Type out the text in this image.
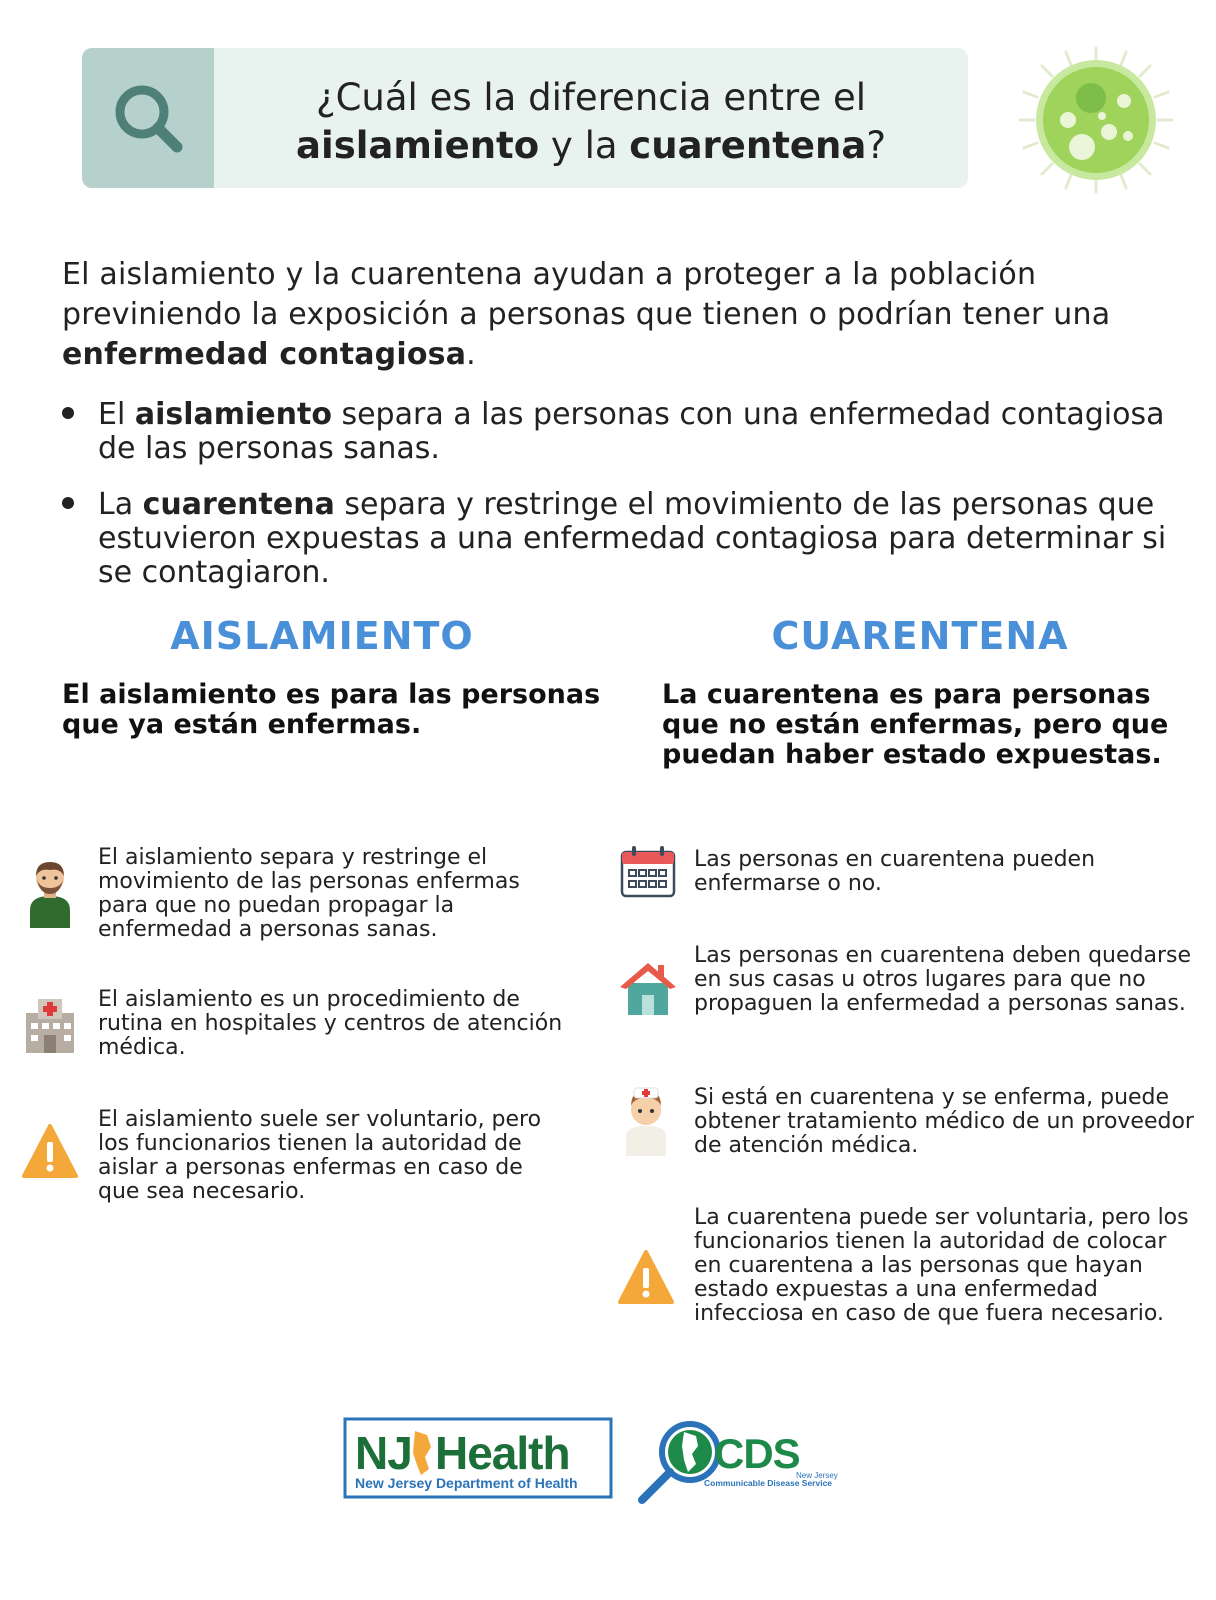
¿Cuál es la diferencia entre el
aislamiento y la cuarentena?
El aislamiento y la cuarentena ayudan a proteger a la población previniendo la exposición a personas que tienen o podrían tener una enfermedad contagiosa.
El aislamiento separa a las personas con una enfermedad contagiosa de las personas sanas.
La cuarentena separa y restringe el movimiento de las personas que estuvieron expuestas a una enfermedad contagiosa para determinar si se contagiaron.
AISLAMIENTO	CUARENTENA
El aislamiento es para las personas que ya están enfermas.
La cuarentena es para personas que no están enfermas, pero que puedan haber estado expuestas.
El aislamiento separa y restringe el movimiento de las personas enfermas para que no puedan propagar la enfermedad a personas sanas.
El aislamiento es un procedimiento de rutina en hospitales y centros de atención médica.
El aislamiento suele ser voluntario, pero los funcionarios tienen la autoridad de aislar a personas enfermas en caso de que sea necesario.
Las personas en cuarentena pueden enfermarse o no.
Las personas en cuarentena deben quedarse en sus casas u otros lugares para que no propaguen la enfermedad a personas sanas.
Si está en cuarentena y se enferma, puede obtener tratamiento médico de un proveedor de atención médica.
La cuarentena puede ser voluntaria, pero los funcionarios tienen la autoridad de colocar en cuarentena a las personas que hayan estado expuestas a una enfermedad infecciosa en caso de que fuera necesario.
NJ Health
New Jersey Department of Health
CDS
New Jersey
Communicable Disease Service
